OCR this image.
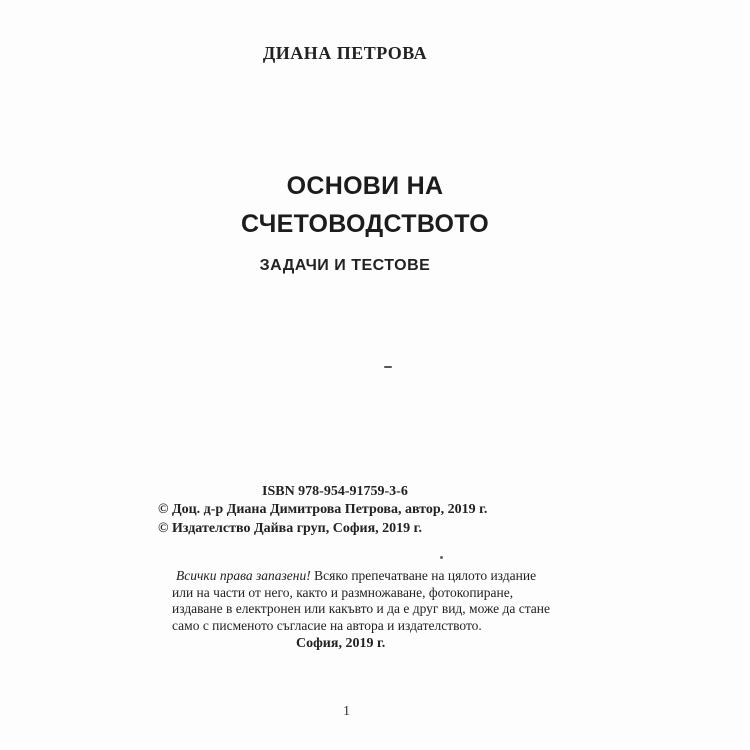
ДИАНА ПЕТРОВА
ОСНОВИ НА
СЧЕТОВОДСТВОТО
ЗАДАЧИ И ТЕСТОВЕ
ISBN 978-954-91759-3-6
© Доц. д-р Диана Димитрова Петрова, автор, 2019 г.
© Издателство Дайва груп, София, 2019 г.
Всички права запазени! Всяко препечатване на цялото издание
или на части от него, както и размножаване, фотокопиране,
издаване в електронен или какъвто и да е друг вид, може да стане
само с писменото съгласие на автора и издателството.
София, 2019 г.
1
